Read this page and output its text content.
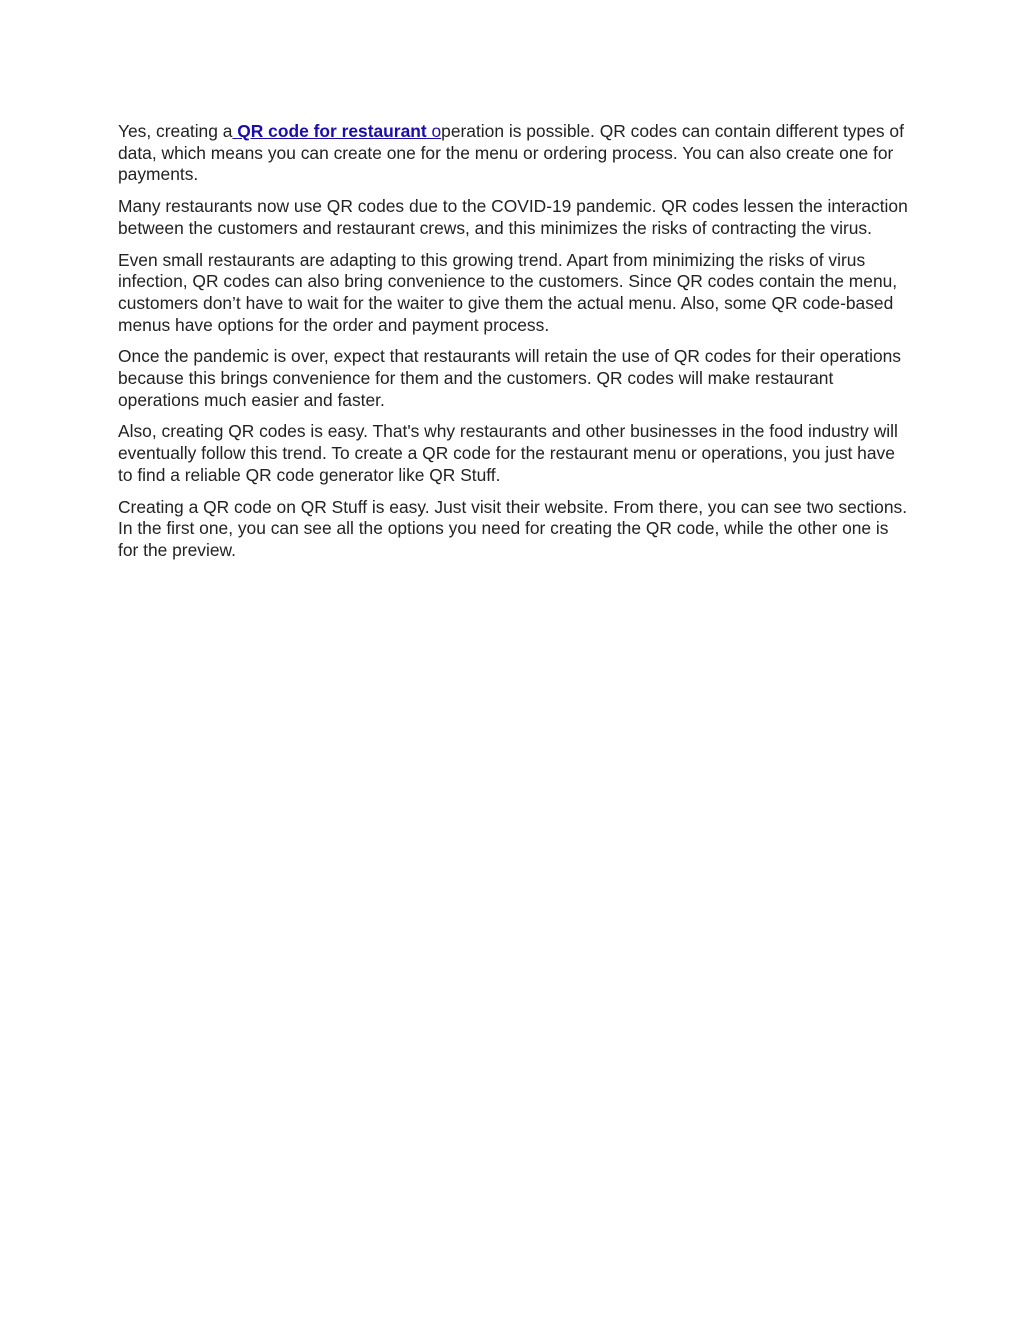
Yes, creating a QR code for restaurant operation is possible. QR codes can contain different types of data, which means you can create one for the menu or ordering process. You can also create one for payments.

Many restaurants now use QR codes due to the COVID-19 pandemic. QR codes lessen the interaction between the customers and restaurant crews, and this minimizes the risks of contracting the virus.

Even small restaurants are adapting to this growing trend. Apart from minimizing the risks of virus infection, QR codes can also bring convenience to the customers. Since QR codes contain the menu, customers don’t have to wait for the waiter to give them the actual menu. Also, some QR code-based menus have options for the order and payment process.

Once the pandemic is over, expect that restaurants will retain the use of QR codes for their operations because this brings convenience for them and the customers. QR codes will make restaurant operations much easier and faster.

Also, creating QR codes is easy. That's why restaurants and other businesses in the food industry will eventually follow this trend. To create a QR code for the restaurant menu or operations, you just have to find a reliable QR code generator like QR Stuff.

Creating a QR code on QR Stuff is easy. Just visit their website. From there, you can see two sections. In the first one, you can see all the options you need for creating the QR code, while the other one is for the preview.
